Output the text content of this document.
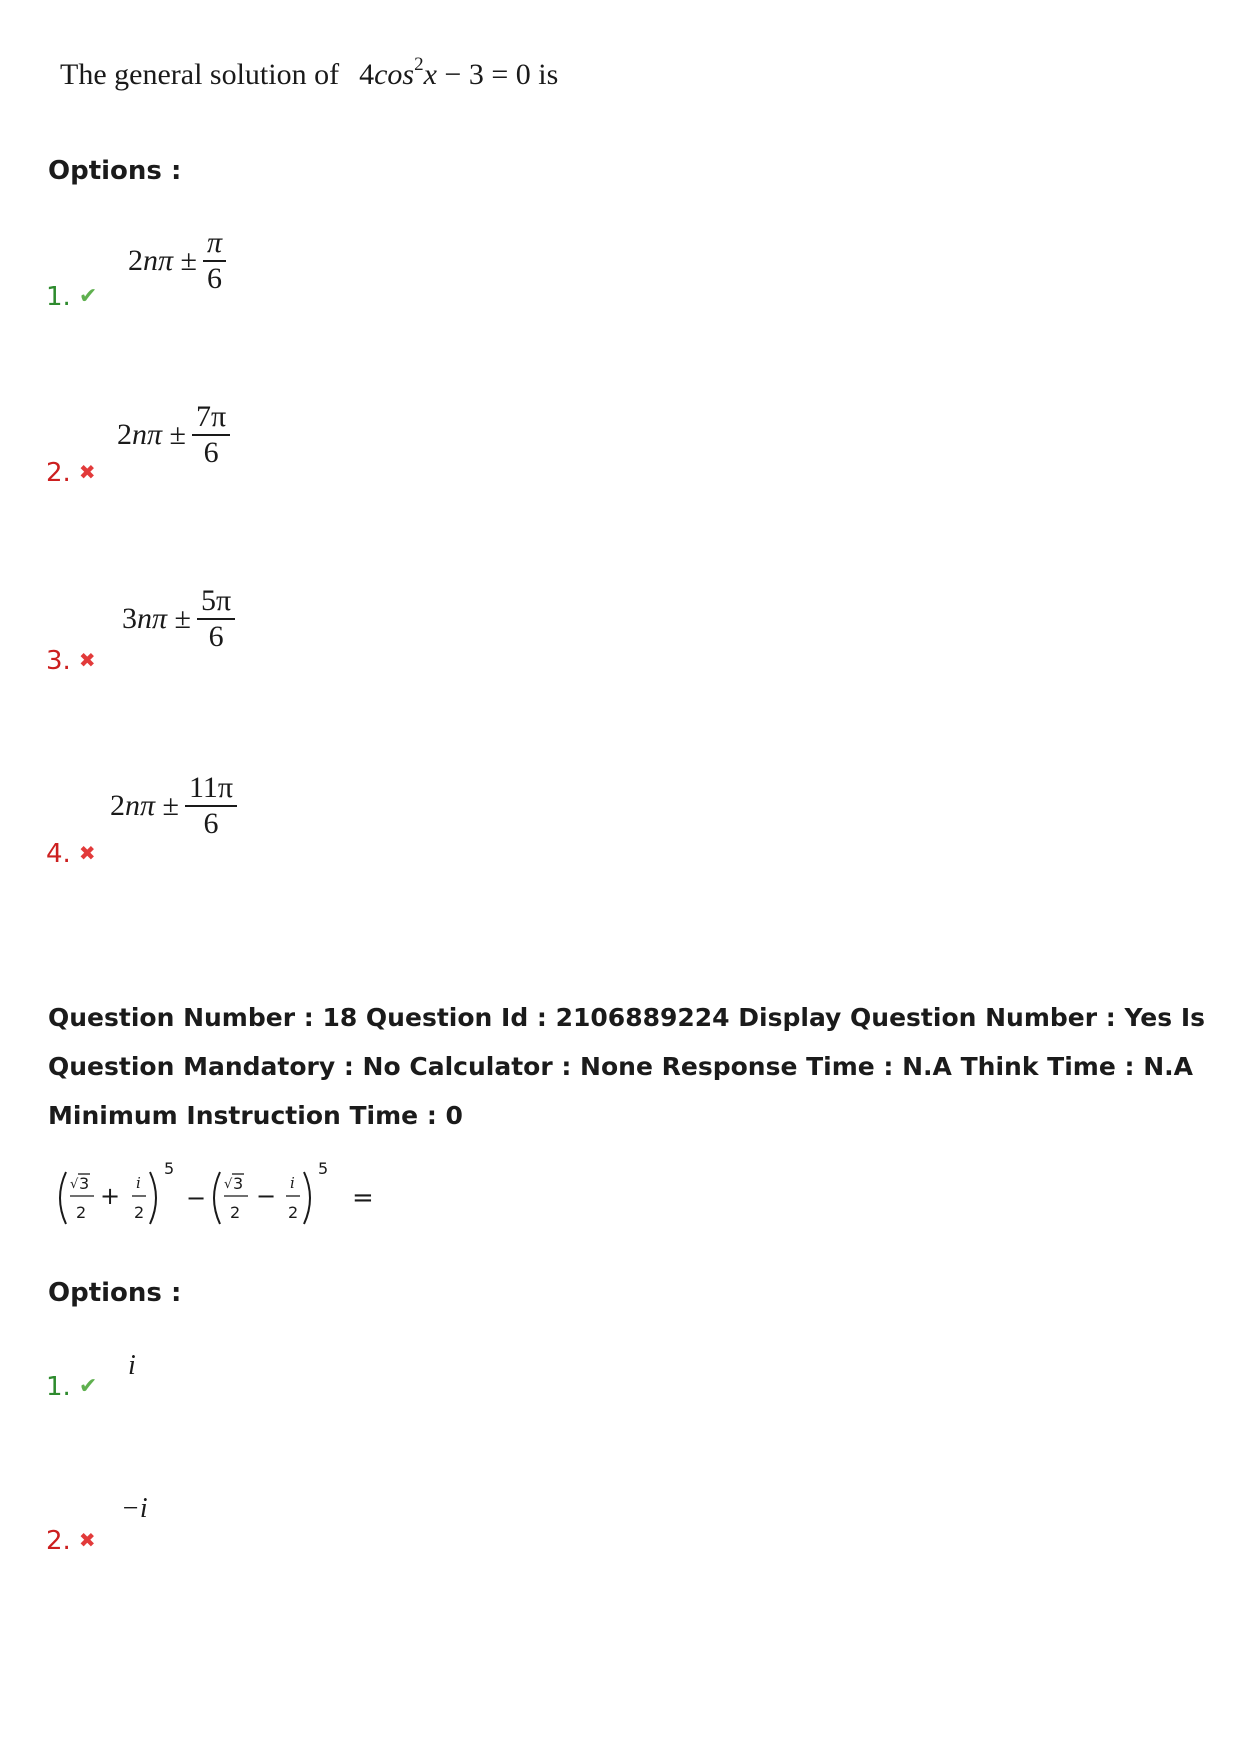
The general solution of $4\cos^2x - 3 = 0$ is
Options :
2 nπ
± $\frac{\pi}{6}$
1. ✔
2 nπ
± $\frac{7\pi}{6}$
2. ✖
3 nπ
± $\frac{5\pi}{6}$
3. ✖
2 nπ
± $\frac{11\pi}{6}$
4. ✖
Question Number : 18 Question Id : 2106889224 Display Question Number : Yes Is Question Mandatory : No Calculator : None Response Time : N.A Think Time : N.A Minimum Instruction Time : 0
√ 3
2
+ i
2
5
− √ 3
2
− i
2
5
=
Options :
i
1. ✔
−i
2. ✖
